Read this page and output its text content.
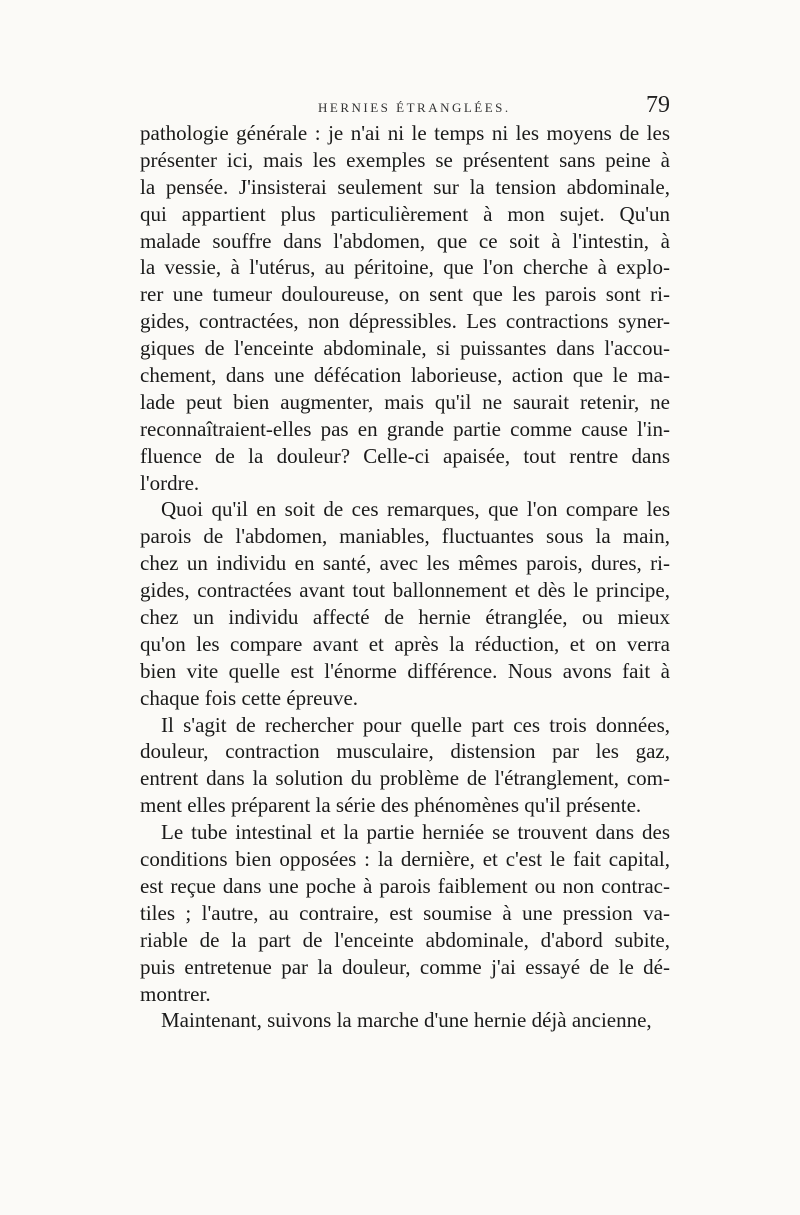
HERNIES ÉTRANGLÉES.	79
pathologie générale : je n'ai ni le temps ni les moyens de les
présenter ici, mais les exemples se présentent sans peine à
la pensée. J'insisterai seulement sur la tension abdominale,
qui appartient plus particulièrement à mon sujet. Qu'un
malade souffre dans l'abdomen, que ce soit à l'intestin, à
la vessie, à l'utérus, au péritoine, que l'on cherche à explo-
rer une tumeur douloureuse, on sent que les parois sont ri-
gides, contractées, non dépressibles. Les contractions syner-
giques de l'enceinte abdominale, si puissantes dans l'accou-
chement, dans une défécation laborieuse, action que le ma-
lade peut bien augmenter, mais qu'il ne saurait retenir, ne
reconnaîtraient-elles pas en grande partie comme cause l'in-
fluence de la douleur? Celle-ci apaisée, tout rentre dans
l'ordre.
Quoi qu'il en soit de ces remarques, que l'on compare les
parois de l'abdomen, maniables, fluctuantes sous la main,
chez un individu en santé, avec les mêmes parois, dures, ri-
gides, contractées avant tout ballonnement et dès le principe,
chez un individu affecté de hernie étranglée, ou mieux
qu'on les compare avant et après la réduction, et on verra
bien vite quelle est l'énorme différence. Nous avons fait à
chaque fois cette épreuve.
Il s'agit de rechercher pour quelle part ces trois données,
douleur, contraction musculaire, distension par les gaz,
entrent dans la solution du problème de l'étranglement, com-
ment elles préparent la série des phénomènes qu'il présente.
Le tube intestinal et la partie herniée se trouvent dans des
conditions bien opposées : la dernière, et c'est le fait capital,
est reçue dans une poche à parois faiblement ou non contrac-
tiles ; l'autre, au contraire, est soumise à une pression va-
riable de la part de l'enceinte abdominale, d'abord subite,
puis entretenue par la douleur, comme j'ai essayé de le dé-
montrer.
Maintenant, suivons la marche d'une hernie déjà ancienne,
